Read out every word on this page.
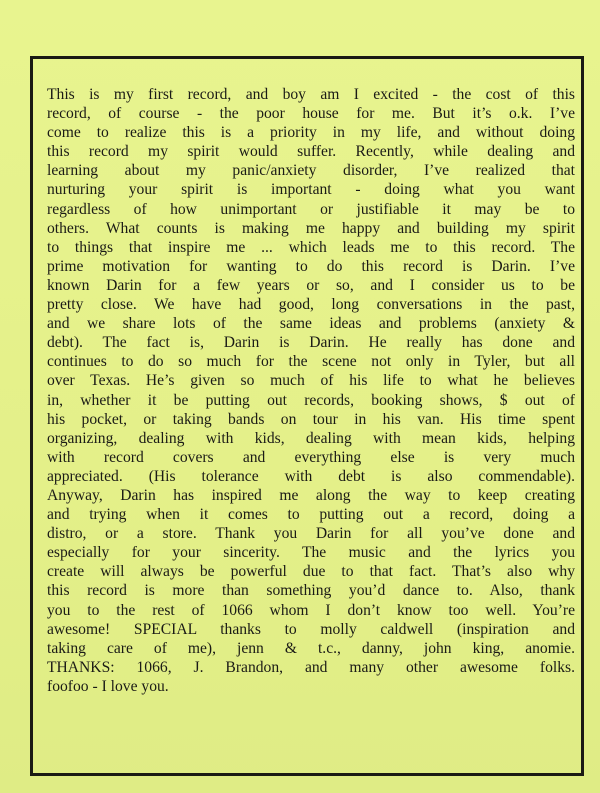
This is my first record, and boy am I excited - the cost of this
record, of course - the poor house for me. But it’s o.k. I’ve
come to realize this is a priority in my life, and without doing
this record my spirit would suffer. Recently, while dealing and
learning about my panic/anxiety disorder, I’ve realized that
nurturing your spirit is important - doing what you want
regardless of how unimportant or justifiable it may be to
others. What counts is making me happy and building my spirit
to things that inspire me ... which leads me to this record. The
prime motivation for wanting to do this record is Darin. I’ve
known Darin for a few years or so, and I consider us to be
pretty close. We have had good, long conversations in the past,
and we share lots of the same ideas and problems (anxiety &
debt). The fact is, Darin is Darin. He really has done and
continues to do so much for the scene not only in Tyler, but all
over Texas. He’s given so much of his life to what he believes
in, whether it be putting out records, booking shows, $ out of
his pocket, or taking bands on tour in his van. His time spent
organizing, dealing with kids, dealing with mean kids, helping
with record covers and everything else is very much
appreciated. (His tolerance with debt is also commendable).
Anyway, Darin has inspired me along the way to keep creating
and trying when it comes to putting out a record, doing a
distro, or a store. Thank you Darin for all you’ve done and
especially for your sincerity. The music and the lyrics you
create will always be powerful due to that fact. That’s also why
this record is more than something you’d dance to. Also, thank
you to the rest of 1066 whom I don’t know too well. You’re
awesome! SPECIAL thanks to molly caldwell (inspiration and
taking care of me), jenn & t.c., danny, john king, anomie.
THANKS: 1066, J. Brandon, and many other awesome folks.
foofoo - I love you.
